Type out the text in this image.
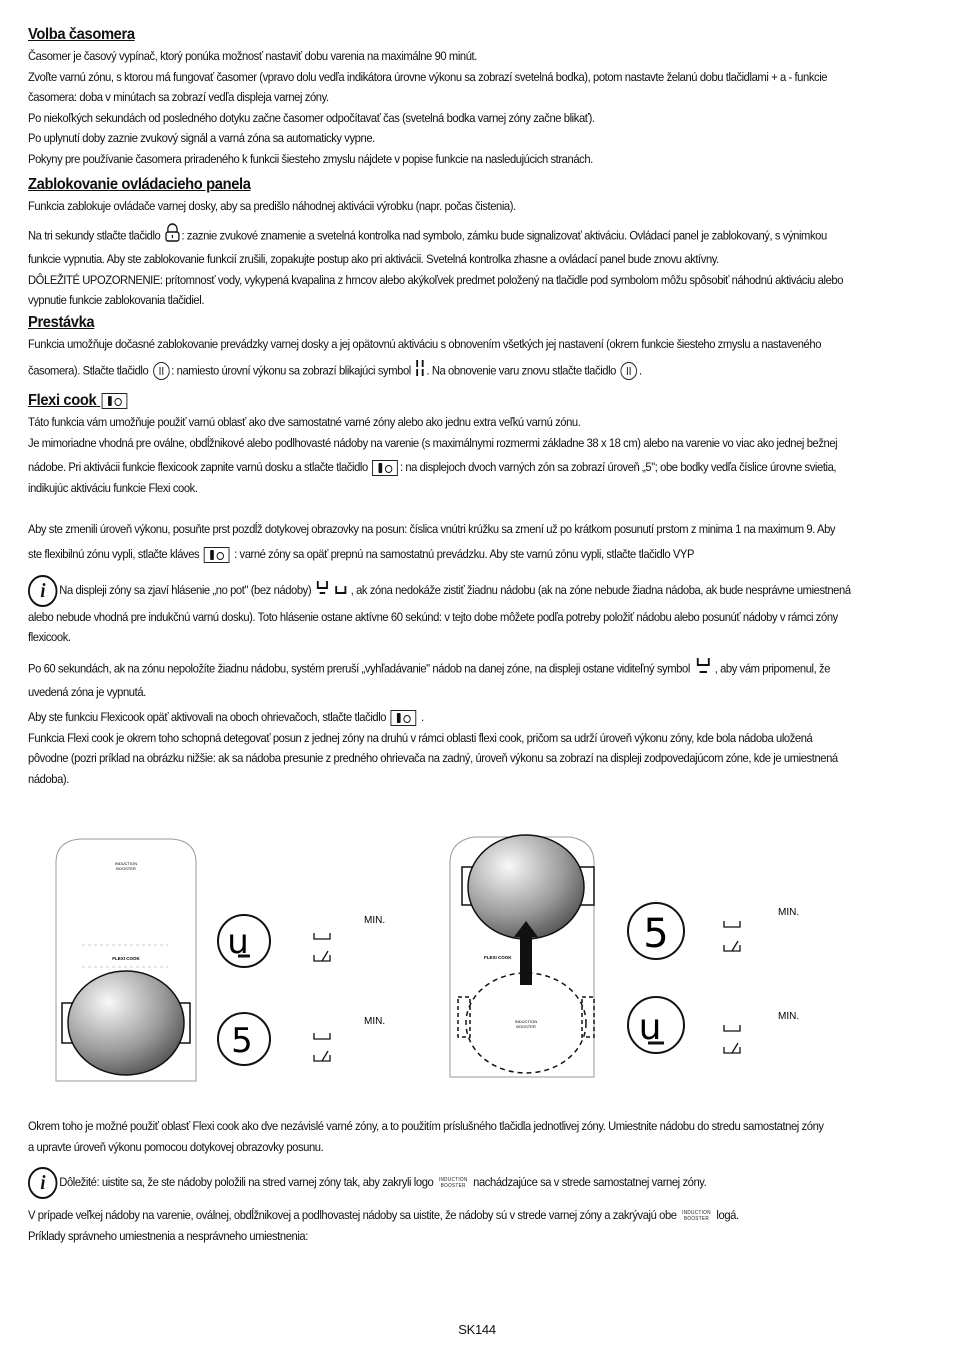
Volba časomera

Časomer je časový vypínač, ktorý ponúka možnosť nastaviť dobu varenia na maximálne 90 minút.

Zvoľte varnú zónu, s ktorou má fungovať časomer (vpravo dolu vedľa indikátora úrovne výkonu sa zobrazí svetelná bodka), potom nastavte želanú dobu tlačidlami + a - funkcie

časomera: doba v minútach sa zobrazí vedľa displeja varnej zóny.

Po niekoľkých sekundách od posledného dotyku začne časomer odpočítavať čas (svetelná bodka varnej zóny začne blikať).

Po uplynutí doby zaznie zvukový signál a varná zóna sa automaticky vypne.

Pokyny pre používanie časomera priradeného k funkcii šiesteho zmyslu nájdete v popise funkcie na nasledujúcich stranách.

Zablokovanie ovládacieho panela

Funkcia zablokuje ovládače varnej dosky, aby sa predišlo náhodnej aktivácii výrobku (napr. počas čistenia).

Na tri sekundy stlačte tlačidlo : zaznie zvukové znamenie a svetelná kontrolka nad symbolo, zámku bude signalizovať aktiváciu. Ovládací panel je zablokovaný, s výnimkou

funkcie vypnutia. Aby ste zablokovanie funkcií zrušili, zopakujte postup ako pri aktivácii. Svetelná kontrolka zhasne a ovládací panel bude znovu aktívny.

DÔLEŽITÉ UPOZORNENIE: prítomnosť vody, vykypená kvapalina z hrncov alebo akýkoľvek predmet položený na tlačidle pod symbolom môžu spôsobiť náhodnú aktiváciu alebo

vypnutie funkcie zablokovania tlačidiel.

Prestávka

Funkcia umožňuje dočasné zablokovanie prevádzky varnej dosky a jej opätovnú aktiváciu s obnovením všetkých jej nastavení (okrem funkcie šiesteho zmyslu a nastaveného

časomera). Stlačte tlačidlo : namiesto úrovní výkonu sa zobrazí blikajúci symbol . Na obnovenie varu znovu stlačte tlačidlo .

Flexi cook

Táto funkcia vám umožňuje použiť varnú oblasť ako dve samostatné varné zóny alebo ako jednu extra veľkú varnú zónu.

Je mimoriadne vhodná pre oválne, obdĺžnikové alebo podlhovasté nádoby na varenie (s maximálnymi rozmermi základne 38 x 18 cm) alebo na varenie vo viac ako jednej bežnej

nádobe. Pri aktivácii funkcie flexicook zapnite varnú dosku a stlačte tlačidlo	: na displejoch dvoch varných zón sa zobrazí úroveň „5"; obe bodky vedľa číslice úrovne svietia,

indikujúc aktiváciu funkcie Flexi cook.

Aby ste zmenili úroveň výkonu, posuňte prst pozdĺž dotykovej obrazovky na posun: číslica vnútri krúžku sa zmení už po krátkom posunutí prstom z minima 1 na maximum 9. Aby

ste flexibilnú zónu vypli, stlačte kláves	: varné zóny sa opäť prepnú na samostatnú prevádzku. Aby ste varnú zónu vypli, stlačte tlačidlo VYP

i Na displeji zóny sa zjaví hlásenie „no pot" (bez nádoby)	, ak zóna nedokáže zistiť žiadnu nádobu (ak na zóne nebude žiadna nádoba, ak bude nesprávne umiestnená

alebo nebude vhodná pre indukčnú varnú dosku). Toto hlásenie ostane aktívne 60 sekúnd: v tejto dobe môžete podľa potreby položiť nádobu alebo posunúť nádoby v rámci zóny

flexicook.

Po 60 sekundách, ak na zónu nepoložíte žiadnu nádobu, systém preruší „vyhľadávanie" nádob na danej zóne, na displeji ostane viditeľný symbol , aby vám pripomenul, že

uvedená zóna je vypnutá.

Aby ste funkciu Flexicook opäť aktivovali na oboch ohrievačoch, stlačte tlačidlo	.

Funkcia Flexi cook je okrem toho schopná detegovať posun z jednej zóny na druhú v rámci oblasti flexi cook, pričom sa udrží úroveň výkonu zóny, kde bola nádoba uložená

pôvodne (pozri príklad na obrázku nižšie: ak sa nádoba presunie z predného ohrievača na zadný, úroveň výkonu sa zobrazí na displeji zodpovedajúcom zóne, kde je umiestnená

nádoba).

Okrem toho je možné použiť oblasť Flexi cook ako dve nezávislé varné zóny, a to použitím príslušného tlačidla jednotlivej zóny. Umiestnite nádobu do stredu samostatnej zóny

a upravte úroveň výkonu pomocou dotykovej obrazovky posunu.

i Dôležité: uistite sa, že ste nádoby položili na stred varnej zóny tak, aby zakryli logo INDUCTION
BOOSTER nachádzajúce sa v strede samostatnej varnej zóny.

V prípade veľkej nádoby na varenie, oválnej, obdĺžnikovej a podlhovastej nádoby sa uistite, že nádoby sú v strede varnej zóny a zakrývajú obe INDUCTION
BOOSTER logá.

Príklady správneho umiestnenia a nesprávneho umiestnenia:

INDUCTION
BOOSTER
FLEXI COOK	u
5
MIN.
MIN.
FLEXI COOK
INDUCTION
BOOSTER
5
u
MIN.
MIN.
SK144
